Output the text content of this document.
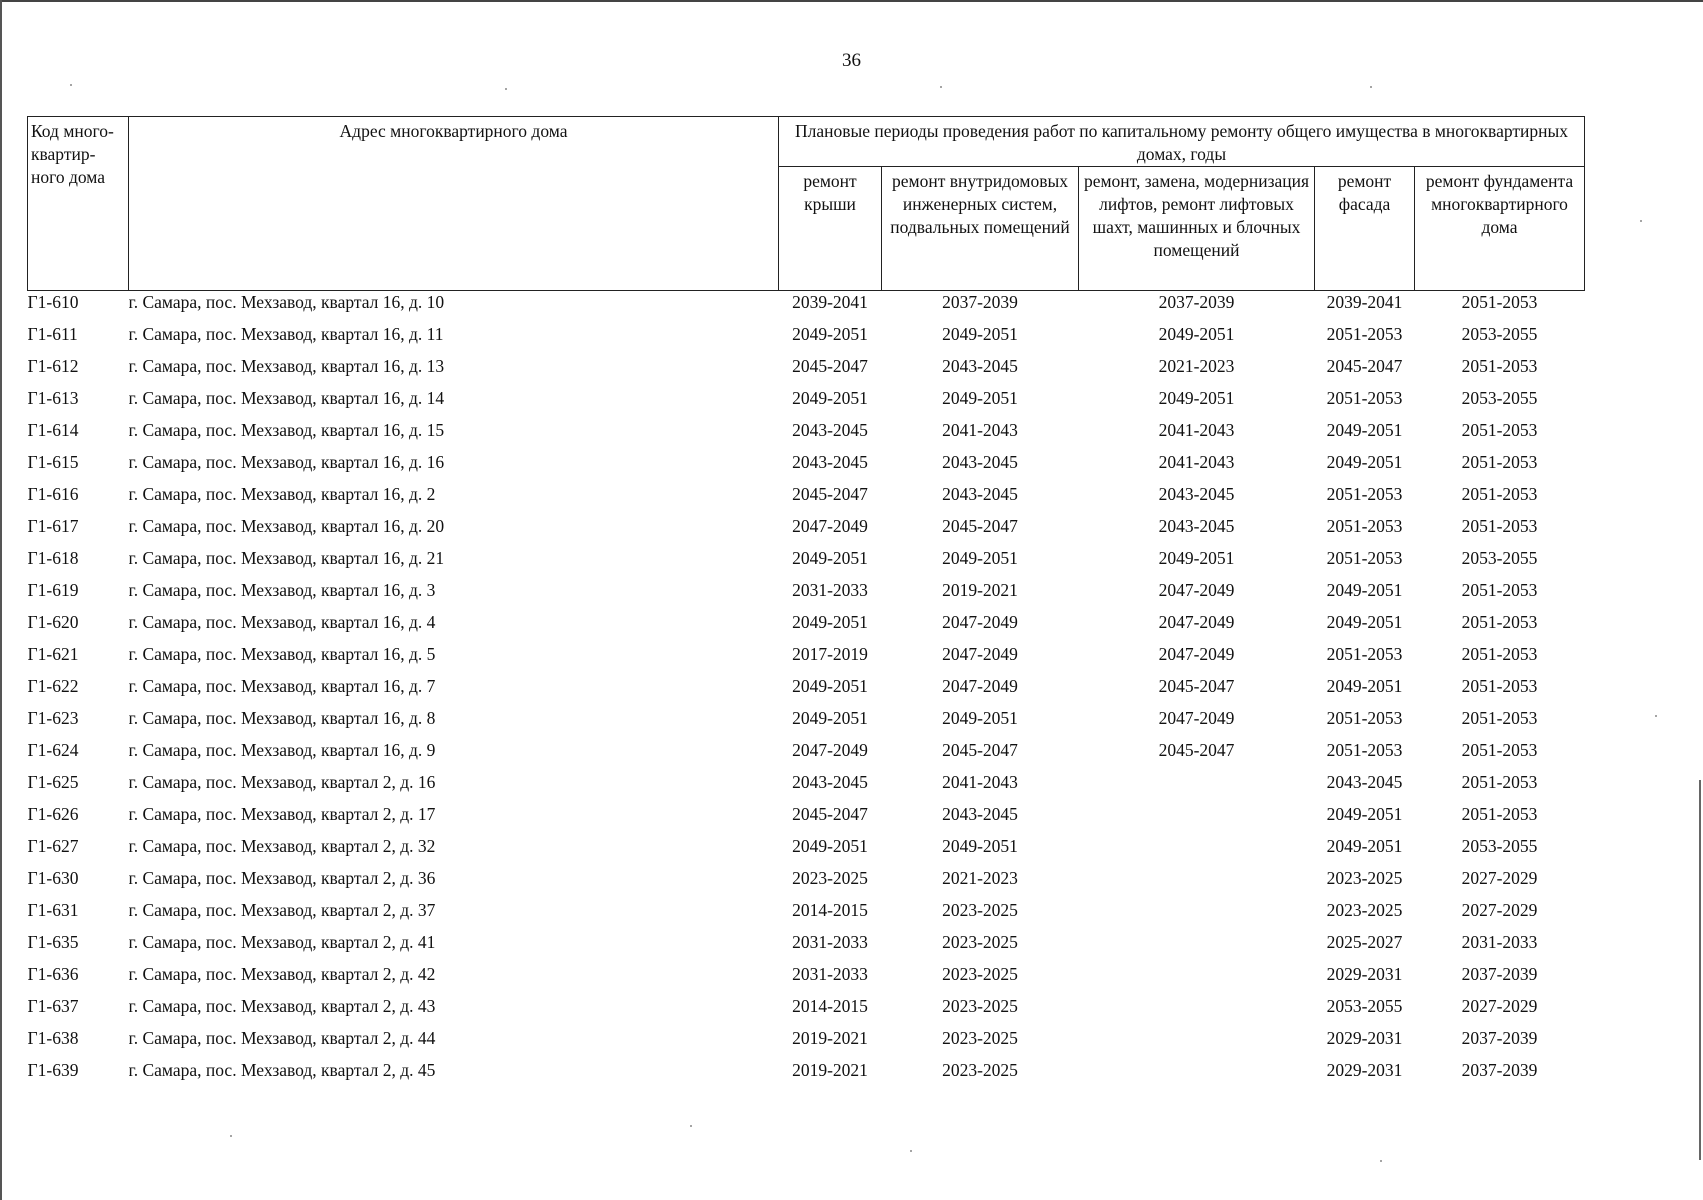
36
Код много-квартир-ного дома	Адрес многоквартирного дома	Плановые периоды проведения работ по капитальному ремонту общего имущества в многоквартирных домах, годы				
		ремонт крыши	ремонт внутридомовых инженерных систем, подвальных помещений	ремонт, замена, модернизация лифтов, ремонт лифтовых шахт, машинных и блочных помещений	ремонт фасада	ремонт фундамента многоквартирного дома
Г1-610	г. Самара, пос. Мехзавод, квартал 16, д. 10	2039-2041	2037-2039	2037-2039	2039-2041	2051-2053
Г1-611	г. Самара, пос. Мехзавод, квартал 16, д. 11	2049-2051	2049-2051	2049-2051	2051-2053	2053-2055
Г1-612	г. Самара, пос. Мехзавод, квартал 16, д. 13	2045-2047	2043-2045	2021-2023	2045-2047	2051-2053
Г1-613	г. Самара, пос. Мехзавод, квартал 16, д. 14	2049-2051	2049-2051	2049-2051	2051-2053	2053-2055
Г1-614	г. Самара, пос. Мехзавод, квартал 16, д. 15	2043-2045	2041-2043	2041-2043	2049-2051	2051-2053
Г1-615	г. Самара, пос. Мехзавод, квартал 16, д. 16	2043-2045	2043-2045	2041-2043	2049-2051	2051-2053
Г1-616	г. Самара, пос. Мехзавод, квартал 16, д. 2	2045-2047	2043-2045	2043-2045	2051-2053	2051-2053
Г1-617	г. Самара, пос. Мехзавод, квартал 16, д. 20	2047-2049	2045-2047	2043-2045	2051-2053	2051-2053
Г1-618	г. Самара, пос. Мехзавод, квартал 16, д. 21	2049-2051	2049-2051	2049-2051	2051-2053	2053-2055
Г1-619	г. Самара, пос. Мехзавод, квартал 16, д. 3	2031-2033	2019-2021	2047-2049	2049-2051	2051-2053
Г1-620	г. Самара, пос. Мехзавод, квартал 16, д. 4	2049-2051	2047-2049	2047-2049	2049-2051	2051-2053
Г1-621	г. Самара, пос. Мехзавод, квартал 16, д. 5	2017-2019	2047-2049	2047-2049	2051-2053	2051-2053
Г1-622	г. Самара, пос. Мехзавод, квартал 16, д. 7	2049-2051	2047-2049	2045-2047	2049-2051	2051-2053
Г1-623	г. Самара, пос. Мехзавод, квартал 16, д. 8	2049-2051	2049-2051	2047-2049	2051-2053	2051-2053
Г1-624	г. Самара, пос. Мехзавод, квартал 16, д. 9	2047-2049	2045-2047	2045-2047	2051-2053	2051-2053
Г1-625	г. Самара, пос. Мехзавод, квартал 2, д. 16	2043-2045	2041-2043		2043-2045	2051-2053
Г1-626	г. Самара, пос. Мехзавод, квартал 2, д. 17	2045-2047	2043-2045		2049-2051	2051-2053
Г1-627	г. Самара, пос. Мехзавод, квартал 2, д. 32	2049-2051	2049-2051		2049-2051	2053-2055
Г1-630	г. Самара, пос. Мехзавод, квартал 2, д. 36	2023-2025	2021-2023		2023-2025	2027-2029
Г1-631	г. Самара, пос. Мехзавод, квартал 2, д. 37	2014-2015	2023-2025		2023-2025	2027-2029
Г1-635	г. Самара, пос. Мехзавод, квартал 2, д. 41	2031-2033	2023-2025		2025-2027	2031-2033
Г1-636	г. Самара, пос. Мехзавод, квартал 2, д. 42	2031-2033	2023-2025		2029-2031	2037-2039
Г1-637	г. Самара, пос. Мехзавод, квартал 2, д. 43	2014-2015	2023-2025		2053-2055	2027-2029
Г1-638	г. Самара, пос. Мехзавод, квартал 2, д. 44	2019-2021	2023-2025		2029-2031	2037-2039
Г1-639	г. Самара, пос. Мехзавод, квартал 2, д. 45	2019-2021	2023-2025		2029-2031	2037-2039
